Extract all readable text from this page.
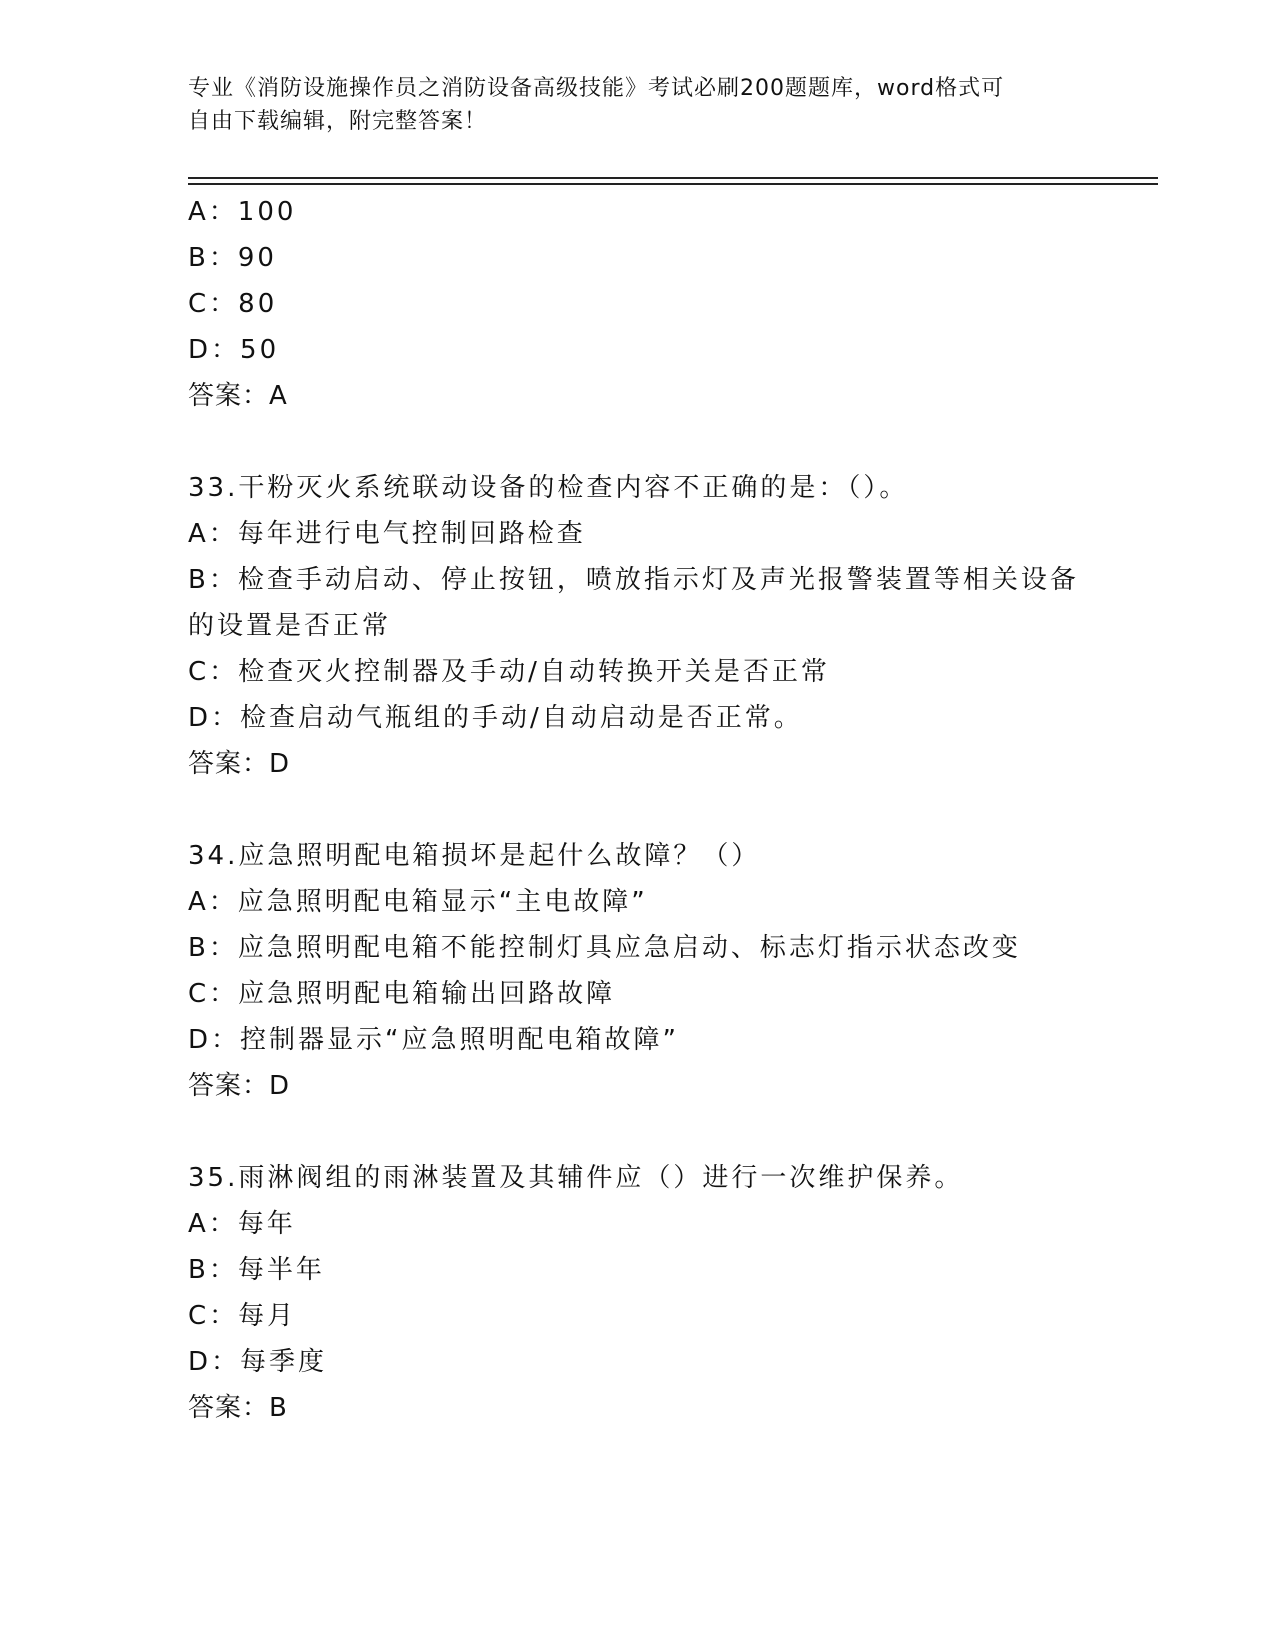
专业《消防设施操作员之消防设备高级技能》考试必刷200题题库，word格式可
自由下载编辑，附完整答案！
A：100
B：90
C：80
D：50
答案：A
33.干粉灭火系统联动设备的检查内容不正确的是：（）。
A：每年进行电气控制回路检查
B：检查手动启动、停止按钮，喷放指示灯及声光报警装置等相关设备
的设置是否正常
C：检查灭火控制器及手动/自动转换开关是否正常
D：检查启动气瓶组的手动/自动启动是否正常。
答案：D
34.应急照明配电箱损坏是起什么故障？（）
A：应急照明配电箱显示“主电故障”
B：应急照明配电箱不能控制灯具应急启动、标志灯指示状态改变
C：应急照明配电箱输出回路故障
D：控制器显示“应急照明配电箱故障”
答案：D
35.雨淋阀组的雨淋装置及其辅件应（）进行一次维护保养。
A：每年
B：每半年
C：每月
D：每季度
答案：B
